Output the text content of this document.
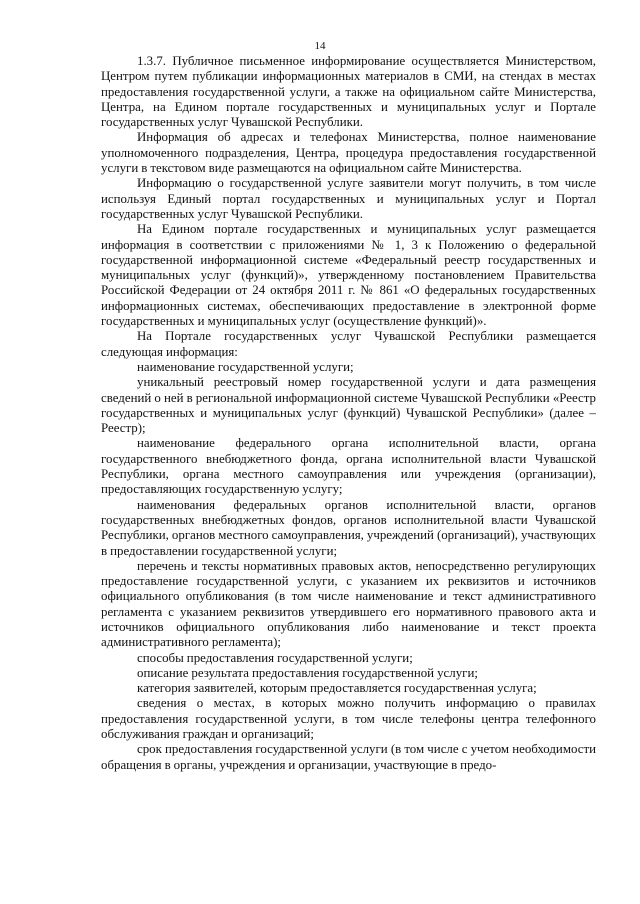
14

1.3.7. Публичное письменное информирование осуществляется Министерством, Центром путем публикации информационных материалов в СМИ, на стендах в местах предоставления государственной услуги, а также на официальном сайте Министерства, Центра, на Едином портале государственных и муниципальных услуг и Портале государственных услуг Чувашской Республики.

Информация об адресах и телефонах Министерства, полное наименование уполномоченного подразделения, Центра, процедура предоставления государственной услуги в текстовом виде размещаются на официальном сайте Министерства.

Информацию о государственной услуге заявители могут получить, в том числе используя Единый портал государственных и муниципальных услуг и Портал государственных услуг Чувашской Республики.

На Едином портале государственных и муниципальных услуг размещается информация в соответствии с приложениями № 1, 3 к Положению о федеральной государственной информационной системе «Федеральный реестр государственных и муниципальных услуг (функций)», утвержденному постановлением Правительства Российской Федерации от 24 октября 2011 г. № 861 «О федеральных государственных информационных системах, обеспечивающих предоставление в электронной форме государственных и муниципальных услуг (осуществление функций)».

На Портале государственных услуг Чувашской Республики размещается следующая информация:

наименование государственной услуги;

уникальный реестровый номер государственной услуги и дата размещения сведений о ней в региональной информационной системе Чувашской Республики «Реестр государственных и муниципальных услуг (функций) Чувашской Республики» (далее – Реестр);

наименование федерального органа исполнительной власти, органа государственного внебюджетного фонда, органа исполнительной власти Чувашской Республики, органа местного самоуправления или учреждения (организации), предоставляющих государственную услугу;

наименования федеральных органов исполнительной власти, органов государственных внебюджетных фондов, органов исполнительной власти Чувашской Республики, органов местного самоуправления, учреждений (организаций), участвующих в предоставлении государственной услуги;

перечень и тексты нормативных правовых актов, непосредственно регулирующих предоставление государственной услуги, с указанием их реквизитов и источников официального опубликования (в том числе наименование и текст административного регламента с указанием реквизитов утвердившего его нормативного правового акта и источников официального опубликования либо наименование и текст проекта административного регламента);

способы предоставления государственной услуги;

описание результата предоставления государственной услуги;

категория заявителей, которым предоставляется государственная услуга;

сведения о местах, в которых можно получить информацию о правилах предоставления государственной услуги, в том числе телефоны центра телефонного обслуживания граждан и организаций;

срок предоставления государственной услуги (в том числе с учетом необходимости обращения в органы, учреждения и организации, участвующие в предо-
